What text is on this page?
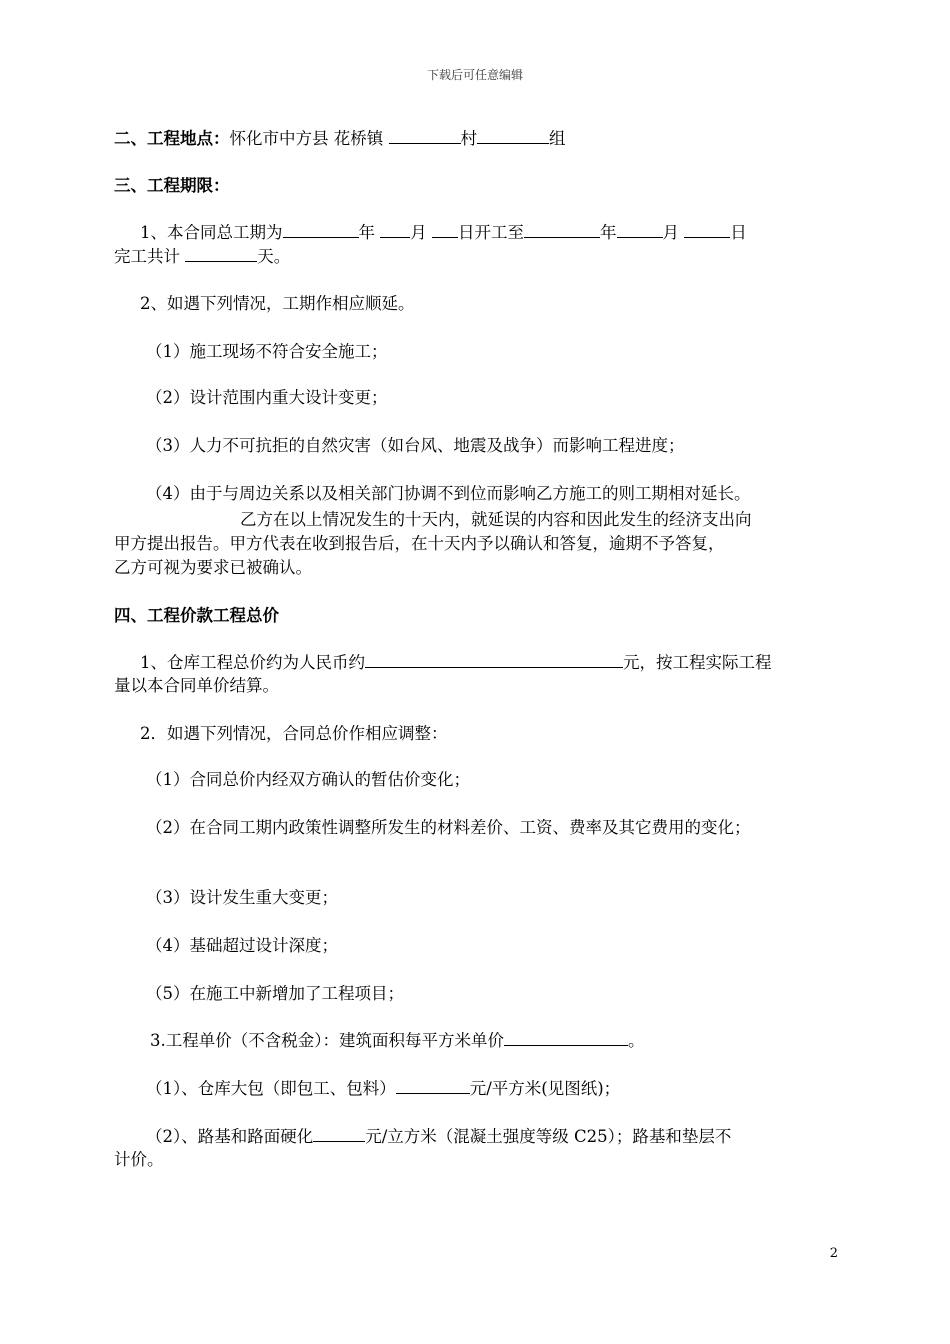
下载后可任意编辑
二、工程地点：怀化市中方县 花桥镇	村	组
三、工程期限：
1、本合同总工期为	年 月 日开工至	年	月	日
完工共计	天。
2、如遇下列情况，工期作相应顺延。
（1）施工现场不符合安全施工；
（2）设计范围内重大设计变更；
（3）人力不可抗拒的自然灾害（如台风、地震及战争）而影响工程进度；
（4）由于与周边关系以及相关部门协调不到位而影响乙方施工的则工期相对延长。
乙方在以上情况发生的十天内，就延误的内容和因此发生的经济支出向
甲方提出报告。甲方代表在收到报告后，在十天内予以确认和答复，逾期不予答复，
乙方可视为要求已被确认。
四、工程价款工程总价
1、仓库工程总价约为人民币约	元，按工程实际工程
量以本合同单价结算。
2．如遇下列情况，合同总价作相应调整：
（1）合同总价内经双方确认的暂估价变化；
（2）在合同工期内政策性调整所发生的材料差价、工资、费率及其它费用的变化；
（3）设计发生重大变更；
（4）基础超过设计深度；
（5）在施工中新增加了工程项目；
3.工程单价（不含税金）：建筑面积每平方米单价	。
（1）、仓库大包（即包工、包料）	元/平方米(见图纸)；
（2）、路基和路面硬化	元/立方米（混凝土强度等级 C25）；路基和垫层不
计价。
2
